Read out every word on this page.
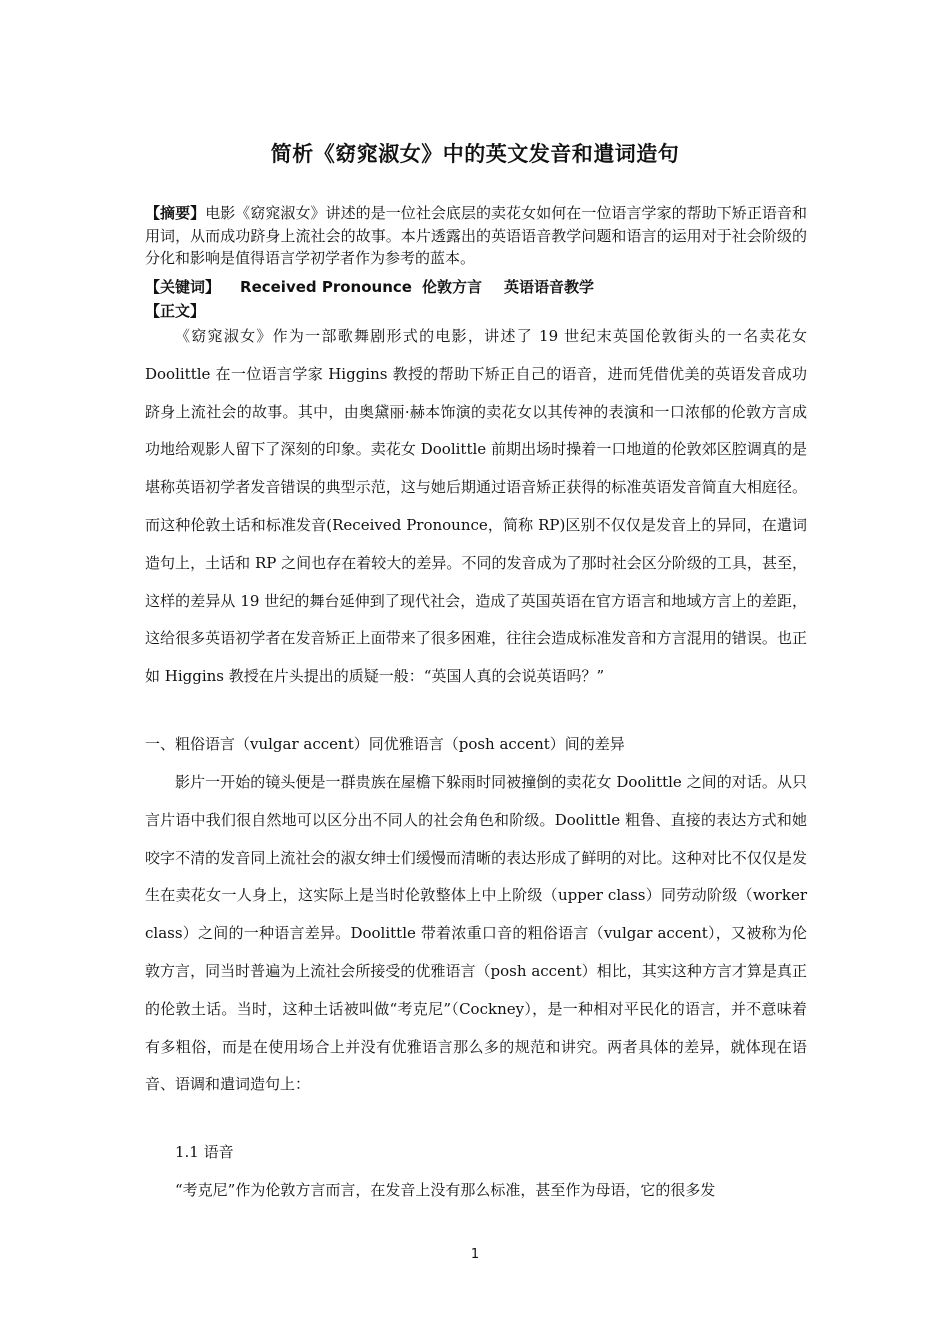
简析《窈窕淑女》中的英文发音和遣词造句
【摘要】电影《窈窕淑女》讲述的是一位社会底层的卖花女如何在一位语言学家的帮助下矫正语音和用词，从而成功跻身上流社会的故事。本片透露出的英语语音教学问题和语言的运用对于社会阶级的分化和影响是值得语言学初学者作为参考的蓝本。
【关键词】 Received Pronounce 伦敦方言 英语语音教学
【正文】
《窈窕淑女》作为一部歌舞剧形式的电影，讲述了 19 世纪末英国伦敦街头的一名卖花女 Doolittle 在一位语言学家 Higgins 教授的帮助下矫正自己的语音，进而凭借优美的英语发音成功跻身上流社会的故事。其中，由奥黛丽·赫本饰演的卖花女以其传神的表演和一口浓郁的伦敦方言成功地给观影人留下了深刻的印象。卖花女 Doolittle 前期出场时操着一口地道的伦敦郊区腔调真的是堪称英语初学者发音错误的典型示范，这与她后期通过语音矫正获得的标准英语发音简直大相庭径。而这种伦敦土话和标准发音(Received Pronounce，简称 RP)区别不仅仅是发音上的异同，在遣词造句上，土话和 RP 之间也存在着较大的差异。不同的发音成为了那时社会区分阶级的工具，甚至，这样的差异从 19 世纪的舞台延伸到了现代社会，造成了英国英语在官方语言和地域方言上的差距，这给很多英语初学者在发音矫正上面带来了很多困难，往往会造成标准发音和方言混用的错误。也正如 Higgins 教授在片头提出的质疑一般：“英国人真的会说英语吗？”
一、粗俗语言（vulgar accent）同优雅语言（posh accent）间的差异
影片一开始的镜头便是一群贵族在屋檐下躲雨时同被撞倒的卖花女 Doolittle 之间的对话。从只言片语中我们很自然地可以区分出不同人的社会角色和阶级。Doolittle 粗鲁、直接的表达方式和她咬字不清的发音同上流社会的淑女绅士们缓慢而清晰的表达形成了鲜明的对比。这种对比不仅仅是发生在卖花女一人身上，这实际上是当时伦敦整体上中上阶级（upper class）同劳动阶级（worker class）之间的一种语言差异。Doolittle 带着浓重口音的粗俗语言（vulgar accent），又被称为伦敦方言，同当时普遍为上流社会所接受的优雅语言（posh accent）相比，其实这种方言才算是真正的伦敦土话。当时，这种土话被叫做“考克尼”（Cockney），是一种相对平民化的语言，并不意味着有多粗俗，而是在使用场合上并没有优雅语言那么多的规范和讲究。两者具体的差异，就体现在语音、语调和遣词造句上：
1.1 语音
“考克尼”作为伦敦方言而言，在发音上没有那么标准，甚至作为母语，它的很多发
1
